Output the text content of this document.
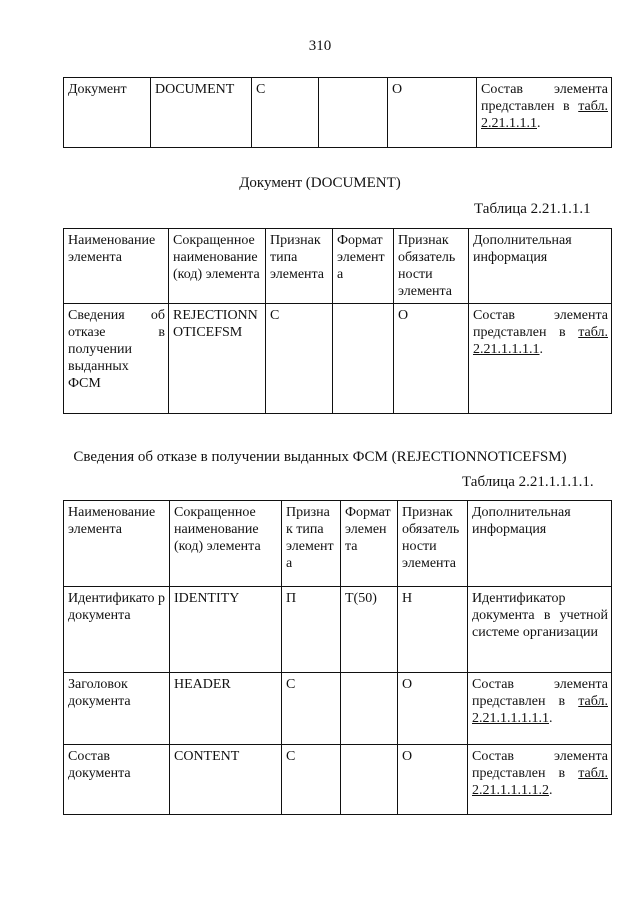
310
Документ	DOCUMENT	С		О	Состав элемента представлен в табл. 2.21.1.1.1.
Документ (DOCUMENT)
Таблица 2.21.1.1.1
Наименование элемента	Сокращенное наименование (код) элемента	Признак типа элемента	Формат элемент а	Признак обязатель ности элемента	Дополнительная информация
Сведения об отказе в получении выданных ФСМ	REJECTIONN OTICEFSM	С		О	Состав элемента представлен в табл. 2.21.1.1.1.1.
Сведения об отказе в получении выданных ФСМ (REJECTIONNOTICEFSM)
Таблица 2.21.1.1.1.1.
Наименование элемента	Сокращенное наименование (код) элемента	Призна к типа элемент а	Формат элемен та	Признак обязатель ности элемента	Дополнительная информация
Идентификато р документа	IDENTITY	П	Т(50)	Н	Идентификатор документа в учетной системе организации
Заголовок документа	HEADER	С		О	Состав элемента представлен в табл. 2.21.1.1.1.1.1.
Состав документа	CONTENT	С		О	Состав элемента представлен в табл. 2.21.1.1.1.1.2.
